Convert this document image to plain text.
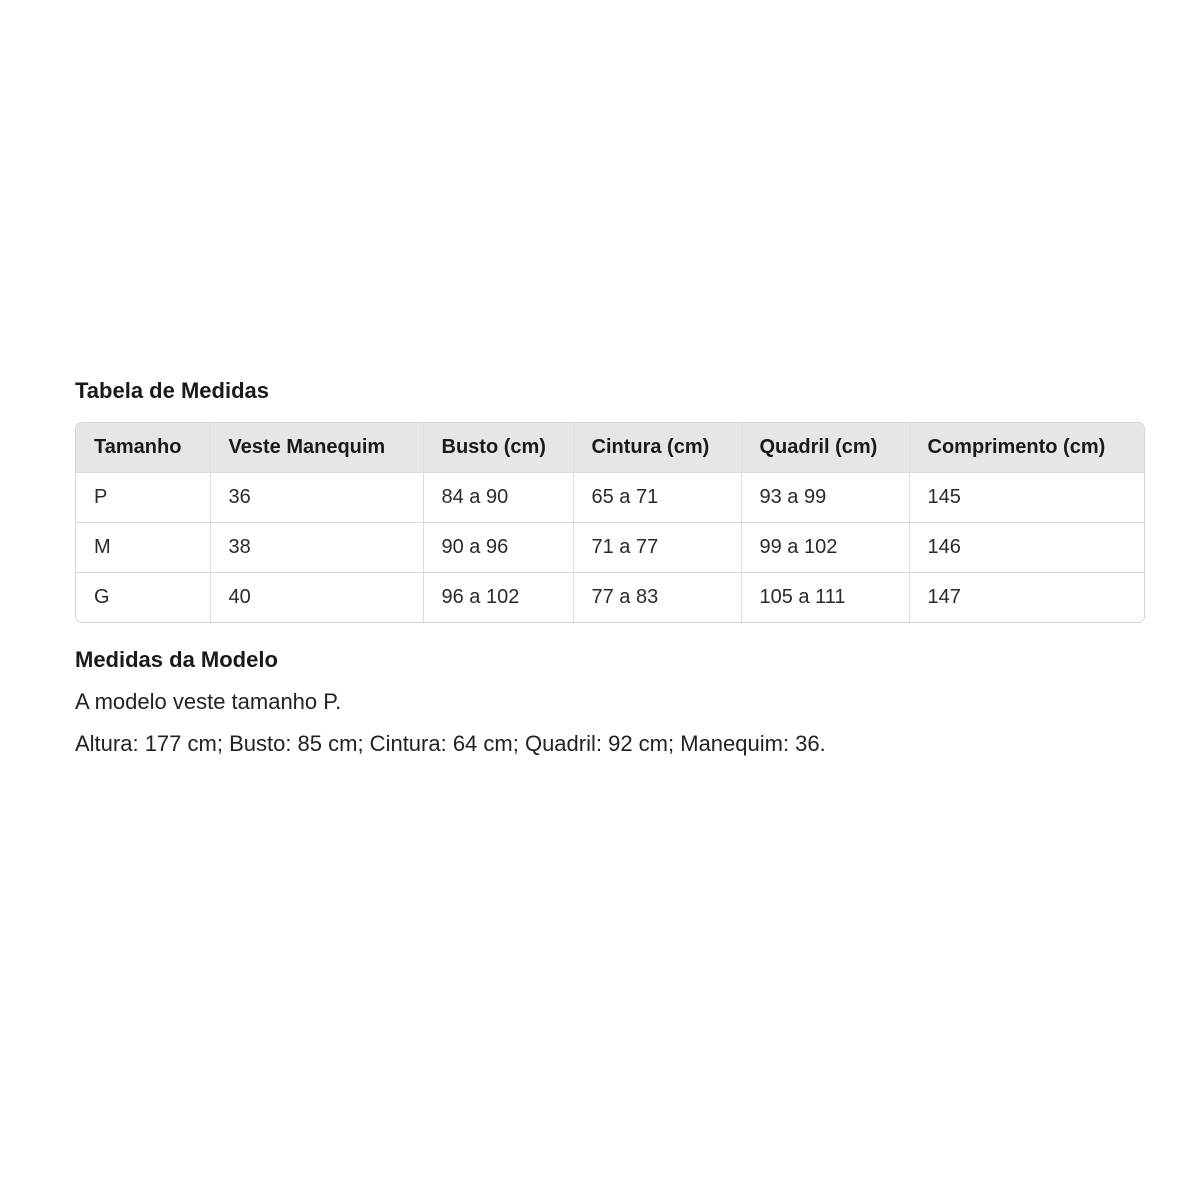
Tabela de Medidas
Tamanho	Veste Manequim	Busto (cm)	Cintura (cm)	Quadril (cm)	Comprimento (cm)
P	36	84 a 90	65 a 71	93 a 99	145
M	38	90 a 96	71 a 77	99 a 102	146
G	40	96 a 102	77 a 83	105 a 111	147
Medidas da Modelo

A modelo veste tamanho P.

Altura: 177 cm; Busto: 85 cm; Cintura: 64 cm; Quadril: 92 cm; Manequim: 36.
